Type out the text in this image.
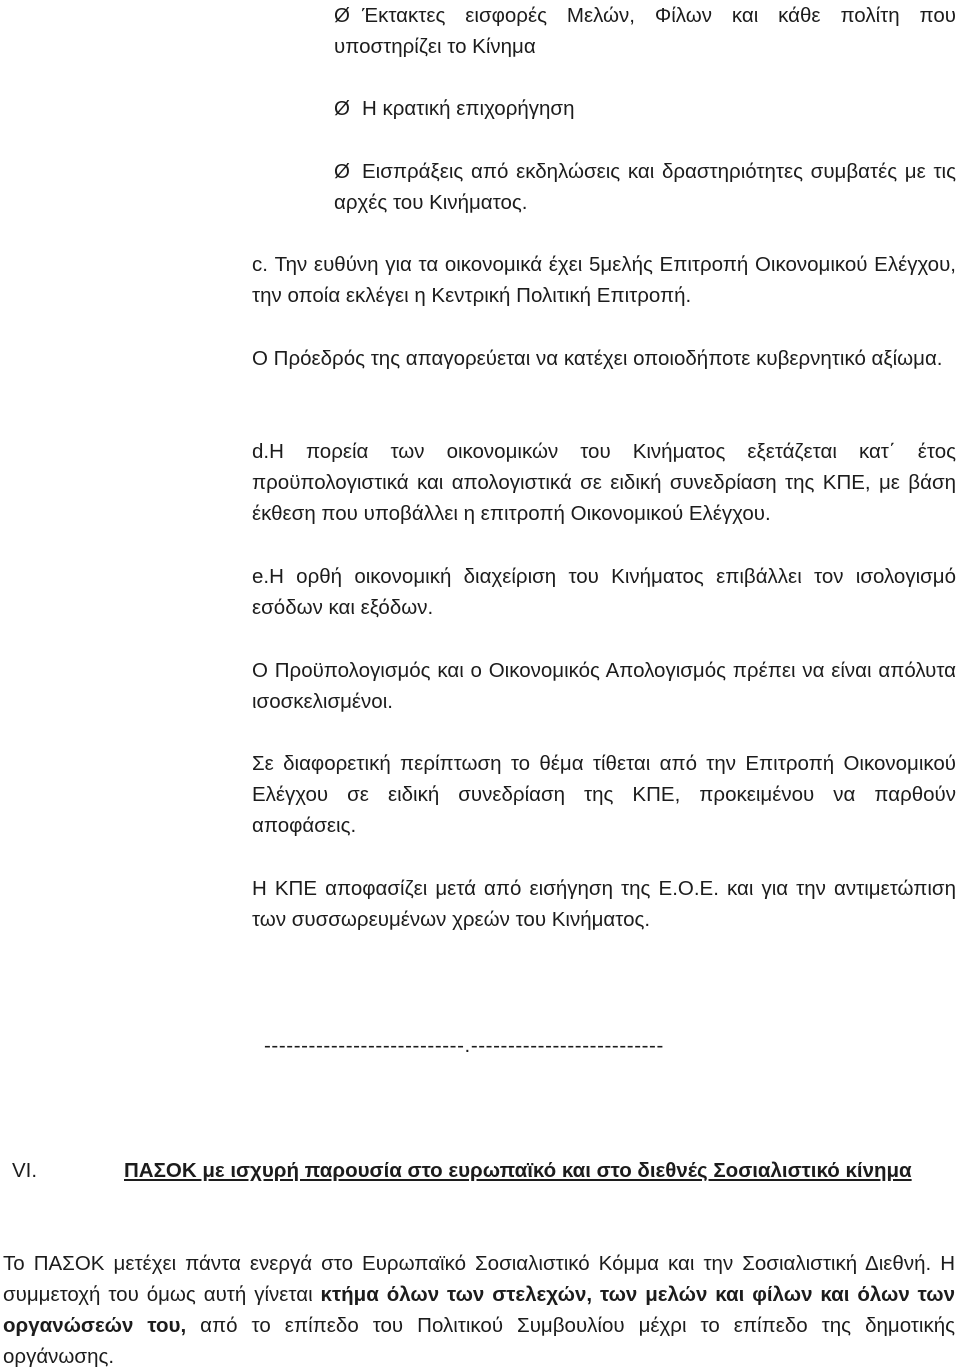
Ø Έκτακτες εισφορές Μελών, Φίλων και κάθε πολίτη που υποστηρίζει το Κίνημα

Ø Η κρατική επιχορήγηση

Ø Εισπράξεις από εκδηλώσεις και δραστηριότητες συμβατές με τις αρχές του Κινήματος.

c. Την ευθύνη για τα οικονομικά έχει 5μελής Επιτροπή Οικονομικού Ελέγχου, την οποία εκλέγει η Κεντρική Πολιτική Επιτροπή.

Ο Πρόεδρός της απαγορεύεται να κατέχει οποιοδήποτε κυβερνητικό αξίωμα.

d.Η πορεία των οικονομικών του Κινήματος εξετάζεται κατ΄ έτος προϋπολογιστικά και απολογιστικά σε ειδική συνεδρίαση της ΚΠΕ, με βάση έκθεση που υποβάλλει η επιτροπή Οικονομικού Ελέγχου.

e.Η ορθή οικονομική διαχείριση του Κινήματος επιβάλλει τον ισολογισμό εσόδων και εξόδων.

Ο Προϋπολογισμός και ο Οικονομικός Απολογισμός πρέπει να είναι απόλυτα ισοσκελισμένοι.

Σε διαφορετική περίπτωση το θέμα τίθεται από την Επιτροπή Οικονομικού Ελέγχου σε ειδική συνεδρίαση της ΚΠΕ, προκειμένου να παρθούν αποφάσεις.

Η ΚΠΕ αποφασίζει μετά από εισήγηση της Ε.Ο.Ε. και για την αντιμετώπιση των συσσωρευμένων χρεών του Κινήματος.

---------------------------.--------------------------
VI.	ΠΑΣΟΚ με ισχυρή παρουσία στο ευρωπαϊκό και στο διεθνές Σοσιαλιστικό κίνημα

Το ΠΑΣΟΚ μετέχει πάντα ενεργά στο Ευρωπαϊκό Σοσιαλιστικό Κόμμα και την Σοσιαλιστική Διεθνή. Η συμμετοχή του όμως αυτή γίνεται κτήμα όλων των στελεχών, των μελών και φίλων και όλων των οργανώσεών του, από το επίπεδο του Πολιτικού Συμβουλίου μέχρι το επίπεδο της δημοτικής οργάνωσης.
